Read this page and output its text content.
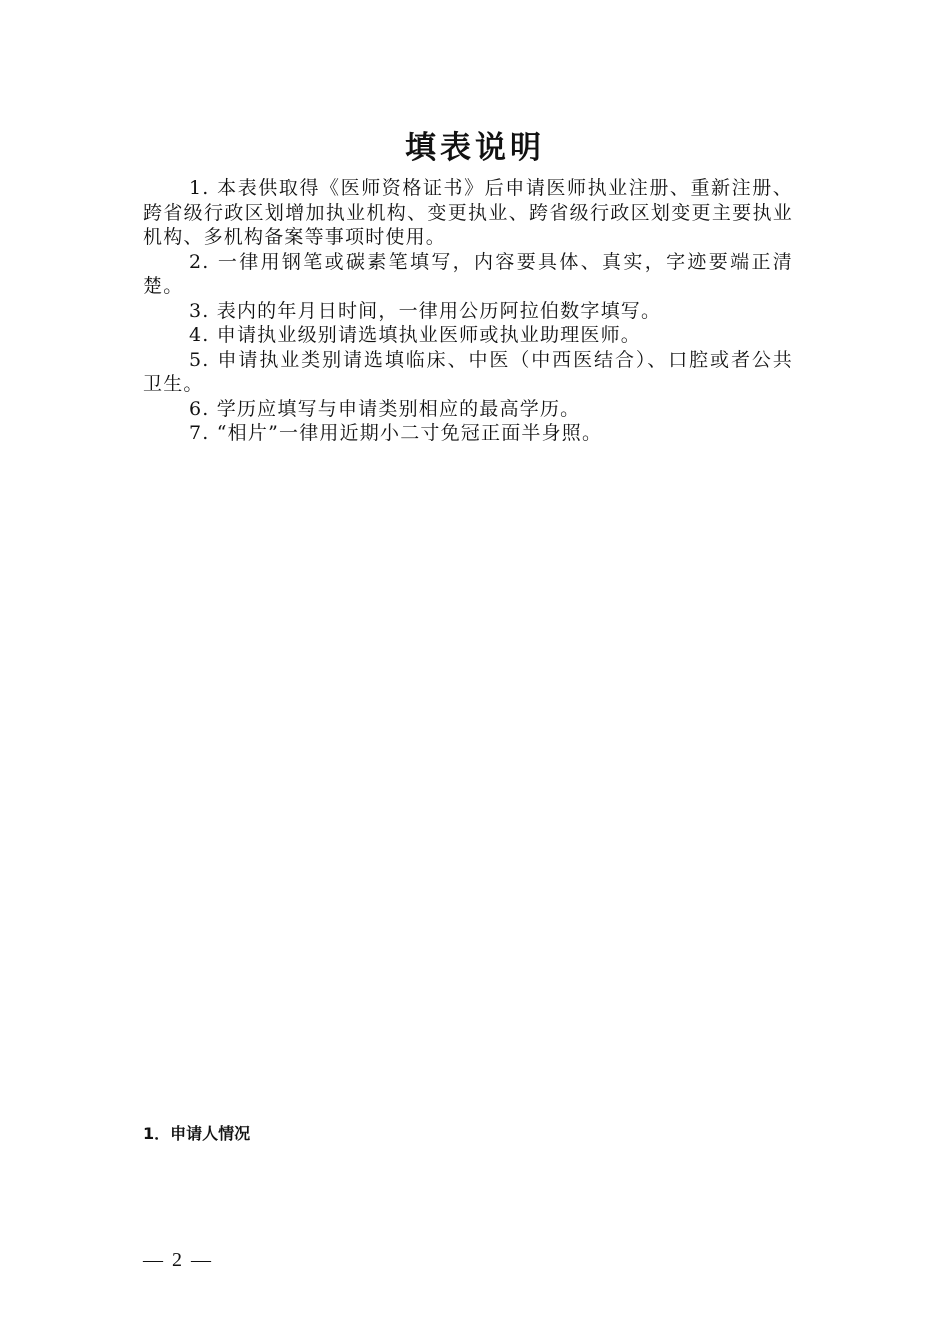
填表说明

1. 本表供取得《医师资格证书》后申请医师执业注册、重新注册、跨省级行政区划增加执业机构、变更执业、跨省级行政区划变更主要执业机构、多机构备案等事项时使用。

2. 一律用钢笔或碳素笔填写，内容要具体、真实，字迹要端正清楚。

3. 表内的年月日时间，一律用公历阿拉伯数字填写。

4. 申请执业级别请选填执业医师或执业助理医师。

5. 申请执业类别请选填临床、中医（中西医结合）、口腔或者公共卫生。

6. 学历应填写与申请类别相应的最高学历。

7. “相片”一律用近期小二寸免冠正面半身照。

1．申请人情况
— 2 —
